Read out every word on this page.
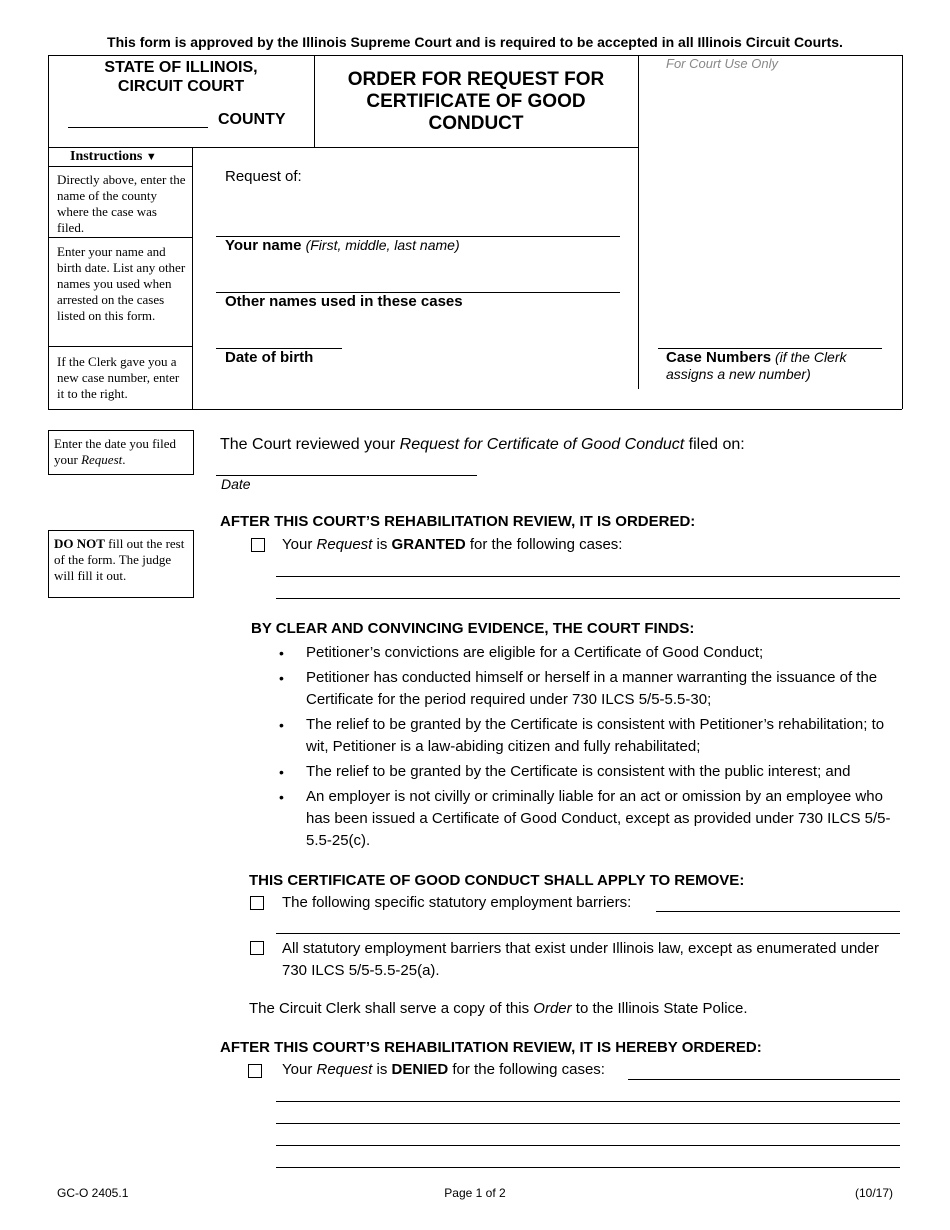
This form is approved by the Illinois Supreme Court and is required to be accepted in all Illinois Circuit Courts.
STATE OF ILLINOIS,
CIRCUIT COURT
COUNTY
ORDER FOR REQUEST FOR CERTIFICATE OF GOOD CONDUCT
For Court Use Only
Instructions ▼
Directly above, enter the name of the county where the case was filed.
Enter your name and birth date. List any other names you used when arrested on the cases listed on this form.
If the Clerk gave you a new case number, enter it to the right.
Request of:
Your name (First, middle, last name)
Other names used in these cases
Date of birth	Case Numbers (if the Clerk assigns a new number)
Enter the date you filed your Request.
The Court reviewed your Request for Certificate of Good Conduct filed on:
Date
DO NOT fill out the rest of the form. The judge will fill it out.
AFTER THIS COURT’S REHABILITATION REVIEW, IT IS ORDERED:
Your Request is GRANTED for the following cases:
BY CLEAR AND CONVINCING EVIDENCE, THE COURT FINDS:
• Petitioner’s convictions are eligible for a Certificate of Good Conduct;
• Petitioner has conducted himself or herself in a manner warranting the issuance of the Certificate for the period required under 730 ILCS 5/5-5.5-30;
• The relief to be granted by the Certificate is consistent with Petitioner’s rehabilitation; to wit, Petitioner is a law-abiding citizen and fully rehabilitated;
• The relief to be granted by the Certificate is consistent with the public interest; and
• An employer is not civilly or criminally liable for an act or omission by an employee who has been issued a Certificate of Good Conduct, except as provided under 730 ILCS 5/5-5.5-25(c).
THIS CERTIFICATE OF GOOD CONDUCT SHALL APPLY TO REMOVE:
The following specific statutory employment barriers:
All statutory employment barriers that exist under Illinois law, except as enumerated under 730 ILCS 5/5-5.5-25(a).
The Circuit Clerk shall serve a copy of this Order to the Illinois State Police.
AFTER THIS COURT’S REHABILITATION REVIEW, IT IS HEREBY ORDERED:
Your Request is DENIED for the following cases:
GC-O 2405.1	Page 1 of 2	(10/17)
